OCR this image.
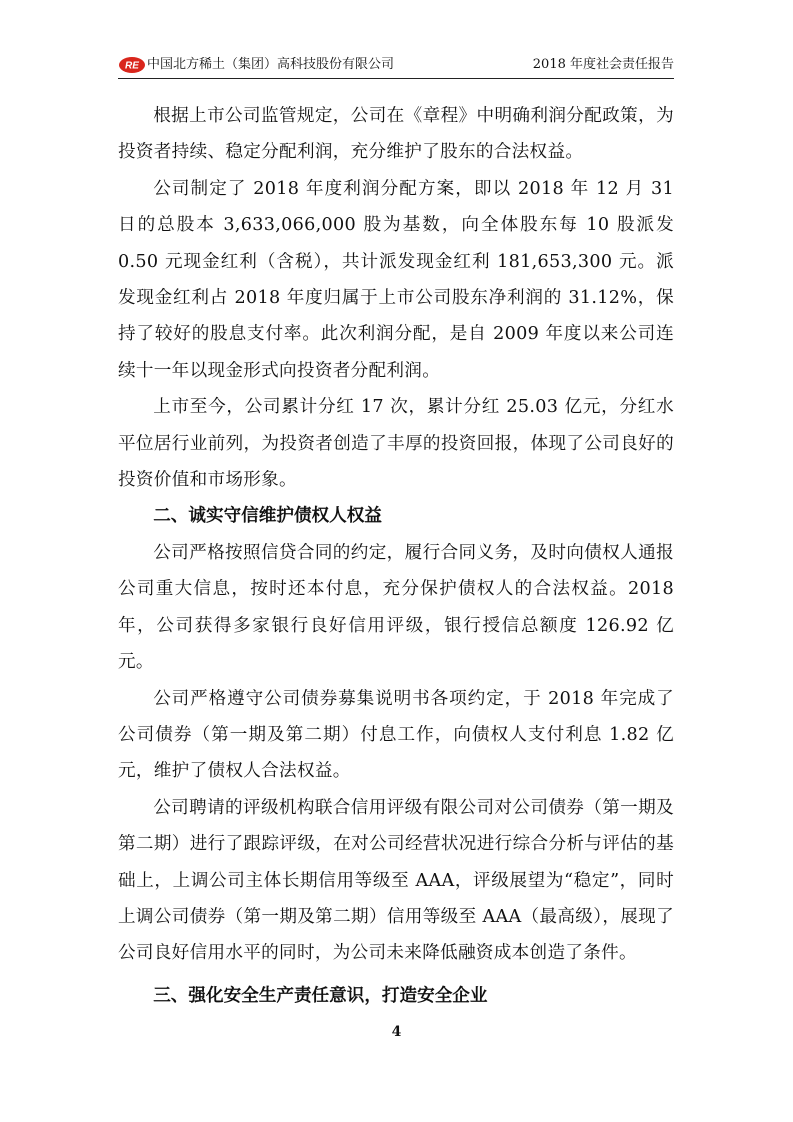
RE 中国北方稀土（集团）高科技股份有限公司	2018 年度社会责任报告

根据上市公司监管规定，公司在《章程》中明确利润分配政策，为投资者持续、稳定分配利润，充分维护了股东的合法权益。

公司制定了 2018 年度利润分配方案，即以 2018 年 12 月 31 日的总股本 3,633,066,000 股为基数，向全体股东每 10 股派发 0.50 元现金红利（含税），共计派发现金红利 181,653,300 元。派发现金红利占 2018 年度归属于上市公司股东净利润的 31.12%，保持了较好的股息支付率。此次利润分配，是自 2009 年度以来公司连续十一年以现金形式向投资者分配利润。

上市至今，公司累计分红 17 次，累计分红 25.03 亿元，分红水平位居行业前列，为投资者创造了丰厚的投资回报，体现了公司良好的投资价值和市场形象。

二、诚实守信维护债权人权益

公司严格按照信贷合同的约定，履行合同义务，及时向债权人通报公司重大信息，按时还本付息，充分保护债权人的合法权益。2018 年，公司获得多家银行良好信用评级，银行授信总额度 126.92 亿元。

公司严格遵守公司债券募集说明书各项约定，于 2018 年完成了公司债券（第一期及第二期）付息工作，向债权人支付利息 1.82 亿元，维护了债权人合法权益。

公司聘请的评级机构联合信用评级有限公司对公司债券（第一期及第二期）进行了跟踪评级，在对公司经营状况进行综合分析与评估的基础上，上调公司主体长期信用等级至 AAA，评级展望为“稳定”，同时上调公司债券（第一期及第二期）信用等级至 AAA（最高级），展现了公司良好信用水平的同时，为公司未来降低融资成本创造了条件。

三、强化安全生产责任意识，打造安全企业

4
